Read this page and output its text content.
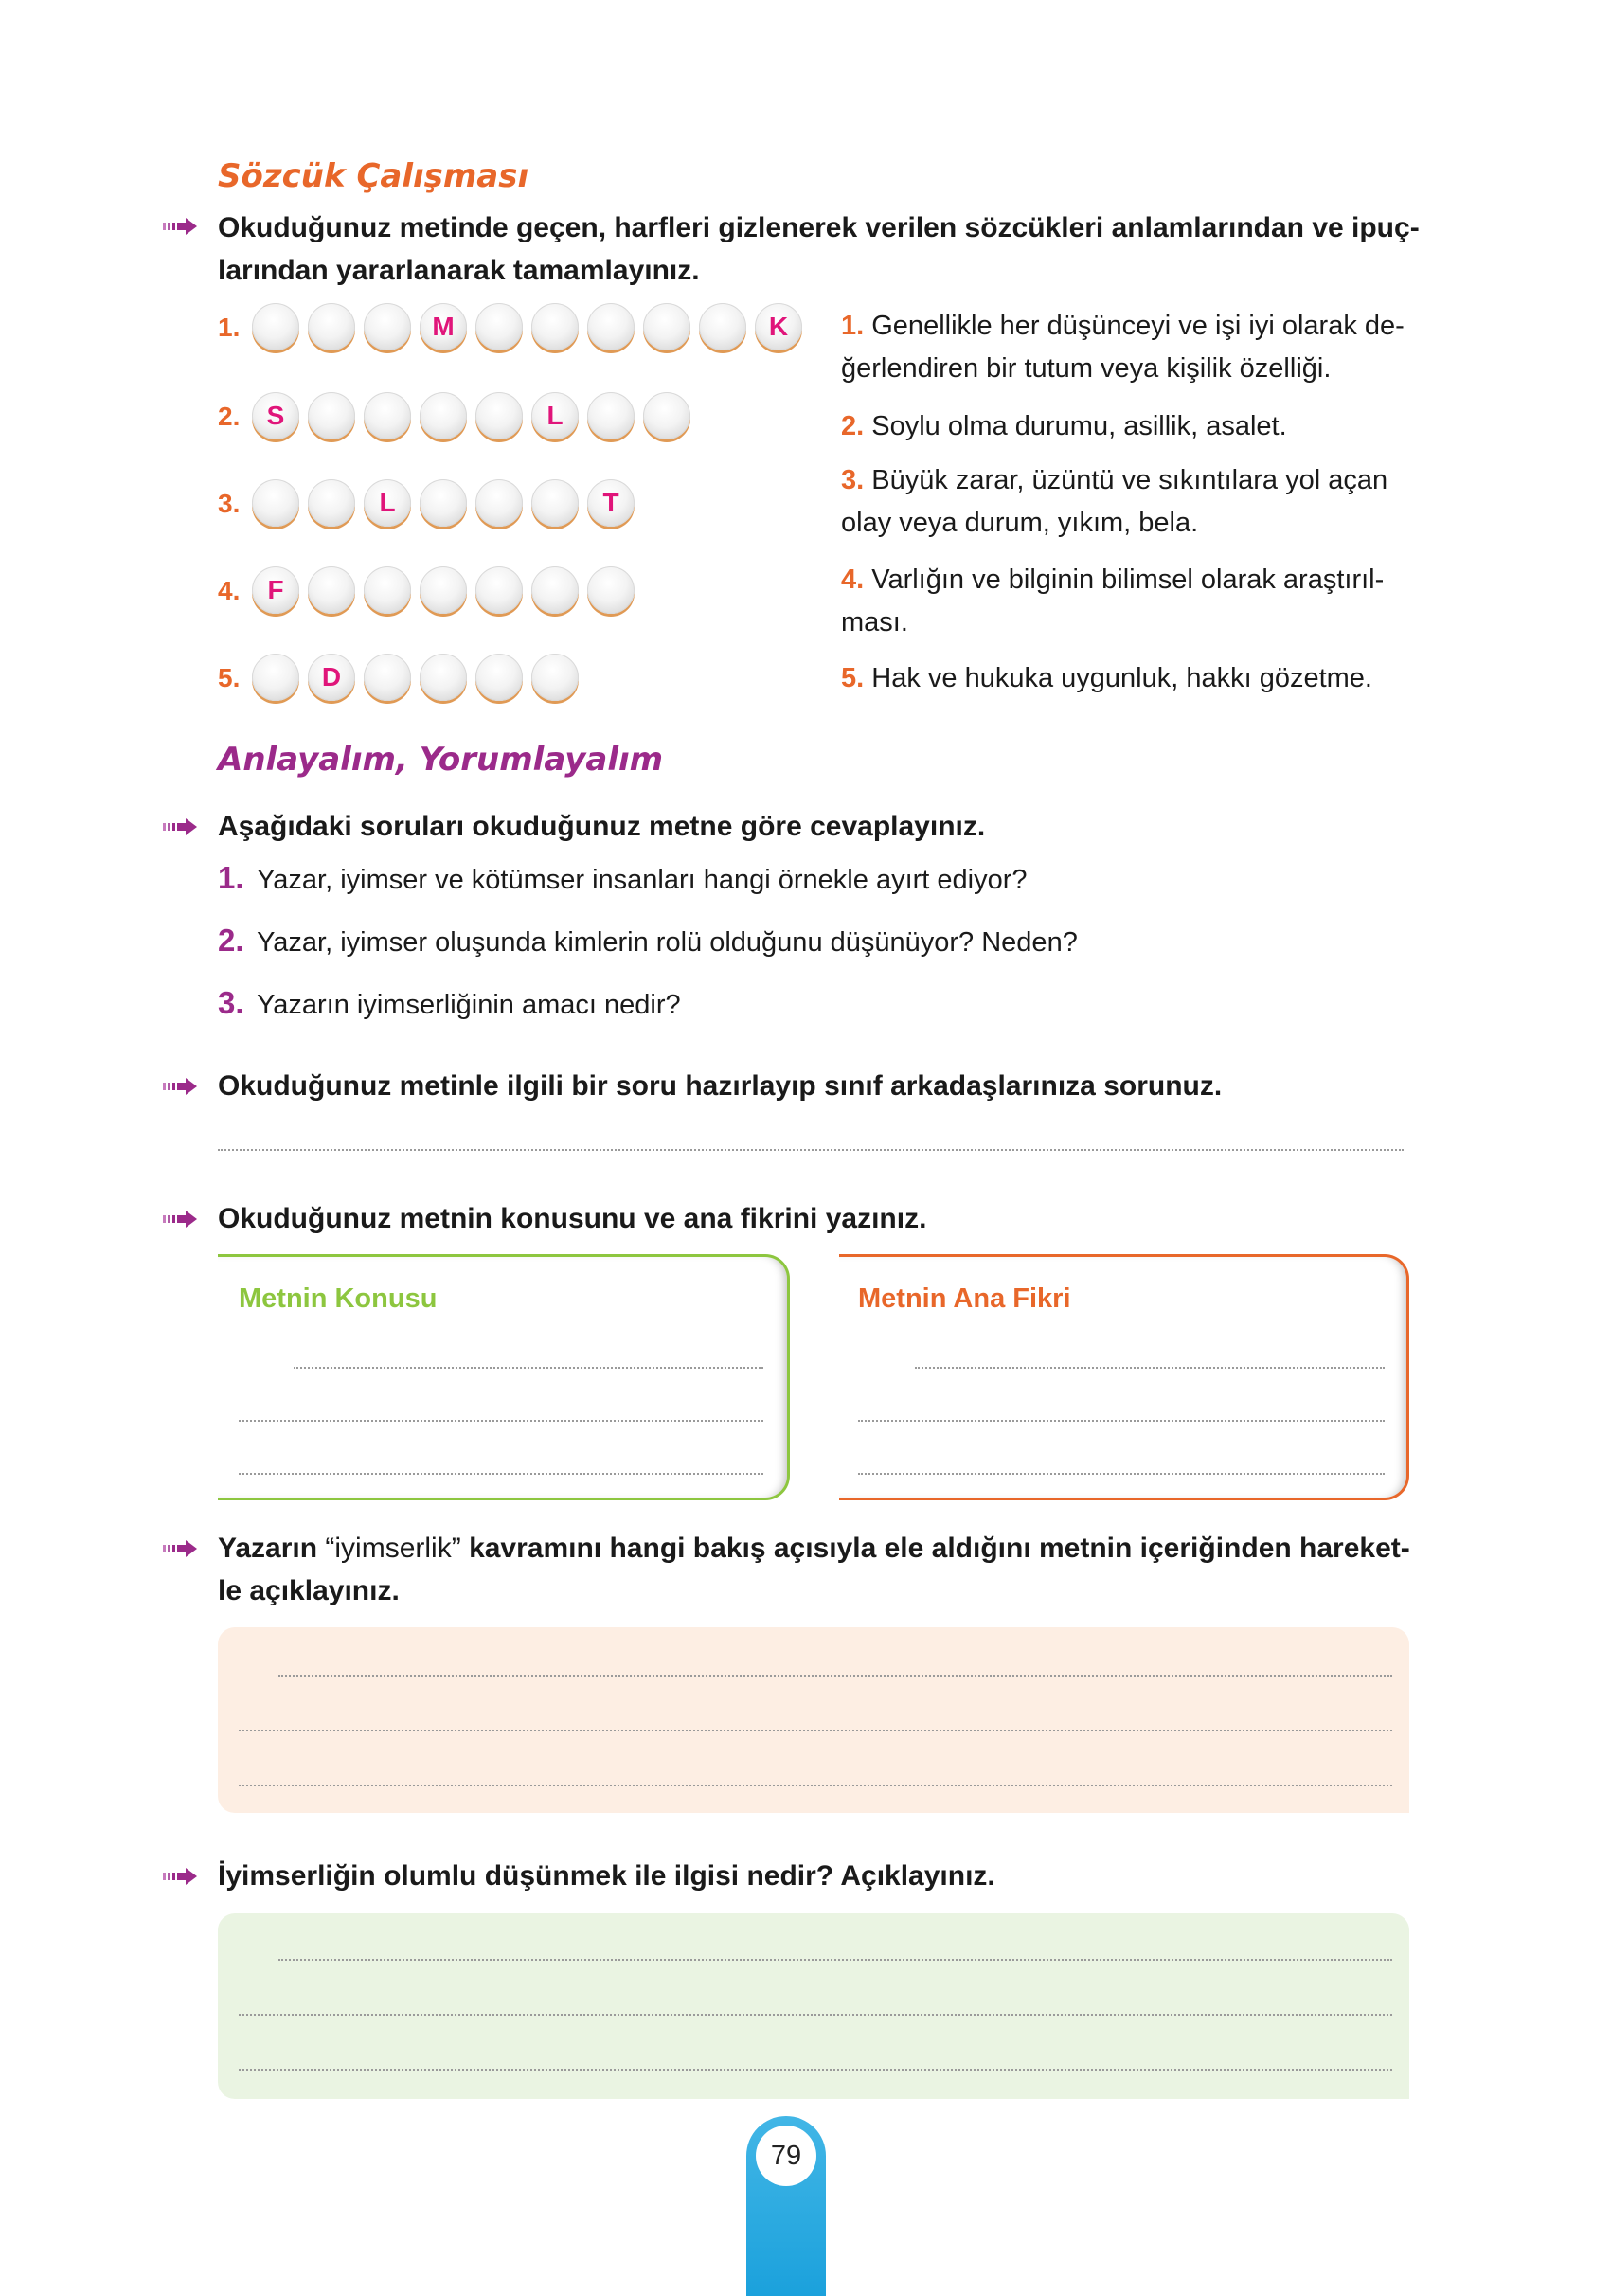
Sözcük Çalışması
Okuduğunuz metinde geçen, harfleri gizlenerek verilen sözcükleri anlamlarından ve ipuç-
larından yararlanarak tamamlayınız.
1.	M	K
2.	S	L
3.	L	T
4.	F
5.	D
1. Genellikle her düşünceyi ve işi iyi olarak de-
ğerlendiren bir tutum veya kişilik özelliği.
2. Soylu olma durumu, asillik, asalet.
3. Büyük zarar, üzüntü ve sıkıntılara yol açan
olay veya durum, yıkım, bela.
4. Varlığın ve bilginin bilimsel olarak araştırıl-
ması.
5. Hak ve hukuka uygunluk, hakkı gözetme.
Anlayalım, Yorumlayalım
Aşağıdaki soruları okuduğunuz metne göre cevaplayınız.
1. Yazar, iyimser ve kötümser insanları hangi örnekle ayırt ediyor?
2. Yazar, iyimser oluşunda kimlerin rolü olduğunu düşünüyor? Neden?
3. Yazarın iyimserliğinin amacı nedir?
Okuduğunuz metinle ilgili bir soru hazırlayıp sınıf arkadaşlarınıza sorunuz.
Okuduğunuz metnin konusunu ve ana fikrini yazınız.
Metnin Konusu	Metnin Ana Fikri
Yazarın “iyimserlik” kavramını hangi bakış açısıyla ele aldığını metnin içeriğinden hareket-
le açıklayınız.
İyimserliğin olumlu düşünmek ile ilgisi nedir? Açıklayınız.
79
